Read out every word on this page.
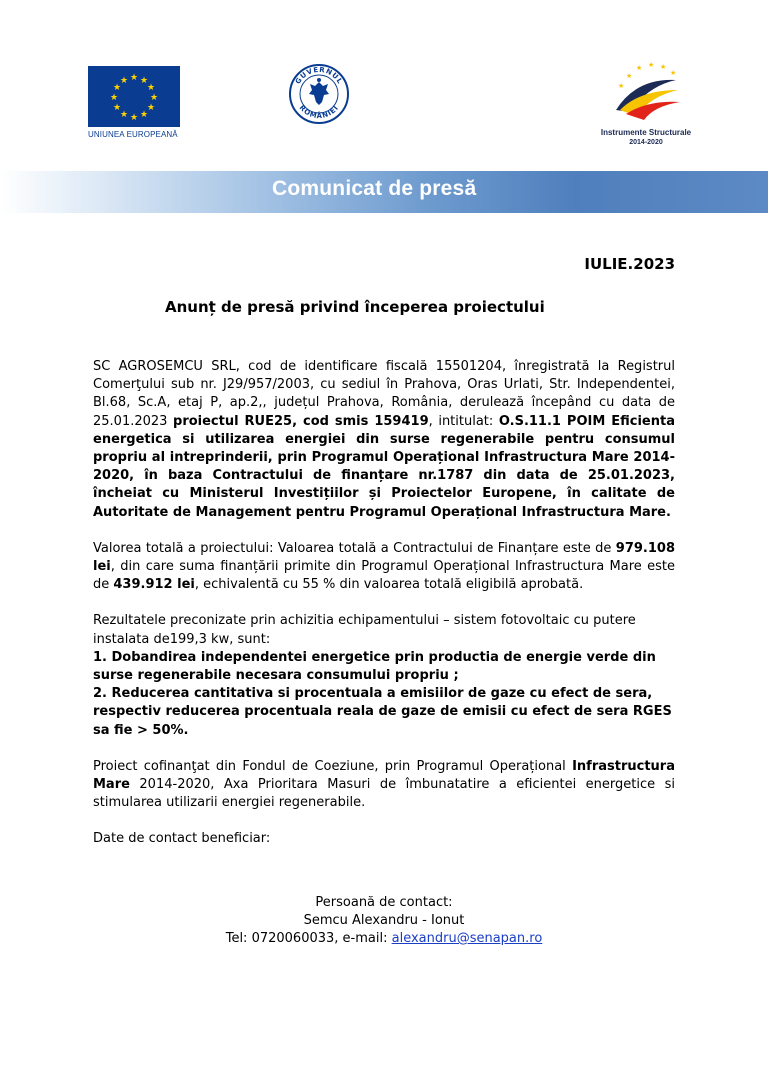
★ ★
★
★
★
★
★
★
★
★
★
★
UNIUNEA EUROPEANĂ
GUVERNUL
ROMÂNIEI
★ ★ ★
★	★
★
Instrumente Structurale
2014-2020
Comunicat de presă
IULIE.2023
Anunț de presă privind începerea proiectului

SC AGROSEMCU SRL, cod de identificare fiscală 15501204, înregistrată la Registrul Comerţului sub nr. J29/957/2003, cu sediul în Prahova, Oras Urlati, Str. Independentei, Bl.68, Sc.A, etaj P, ap.2,, județul Prahova, România, derulează începând cu data de 25.01.2023 proiectul RUE25, cod smis 159419, intitulat: O.S.11.1 POIM Eficienta energetica si utilizarea energiei din surse regenerabile pentru consumul propriu al intreprinderii, prin Programul Operațional Infrastructura Mare 2014-2020, în baza Contractului de finanțare nr.1787 din data de 25.01.2023, încheiat cu Ministerul Investițiilor și Proiectelor Europene, în calitate de Autoritate de Management pentru Programul Operațional Infrastructura Mare.

Valorea totală a proiectului: Valoarea totală a Contractului de Finanțare este de 979.108 lei, din care suma finanțării primite din Programul Operațional Infrastructura Mare este de 439.912 lei, echivalentă cu 55 % din valoarea totală eligibilă aprobată.

Rezultatele preconizate prin achizitia echipamentului – sistem fotovoltaic cu putere instalata de199,3 kw, sunt:
1. Dobandirea independentei energetice prin productia de energie verde din surse regenerabile necesara consumului propriu ;
2. Reducerea cantitativa si procentuala a emisiilor de gaze cu efect de sera, respectiv reducerea procentuala reala de gaze de emisii cu efect de sera RGES sa fie > 50%.

Proiect cofinanţat din Fondul de Coeziune, prin Programul Operațional Infrastructura Mare 2014-2020, Axa Prioritara Masuri de îmbunatatire a eficientei energetice si stimularea utilizarii energiei regenerabile.

Date de contact beneficiar:

Persoană de contact:
Semcu Alexandru - Ionut
Tel: 0720060033, e-mail: alexandru@senapan.ro
